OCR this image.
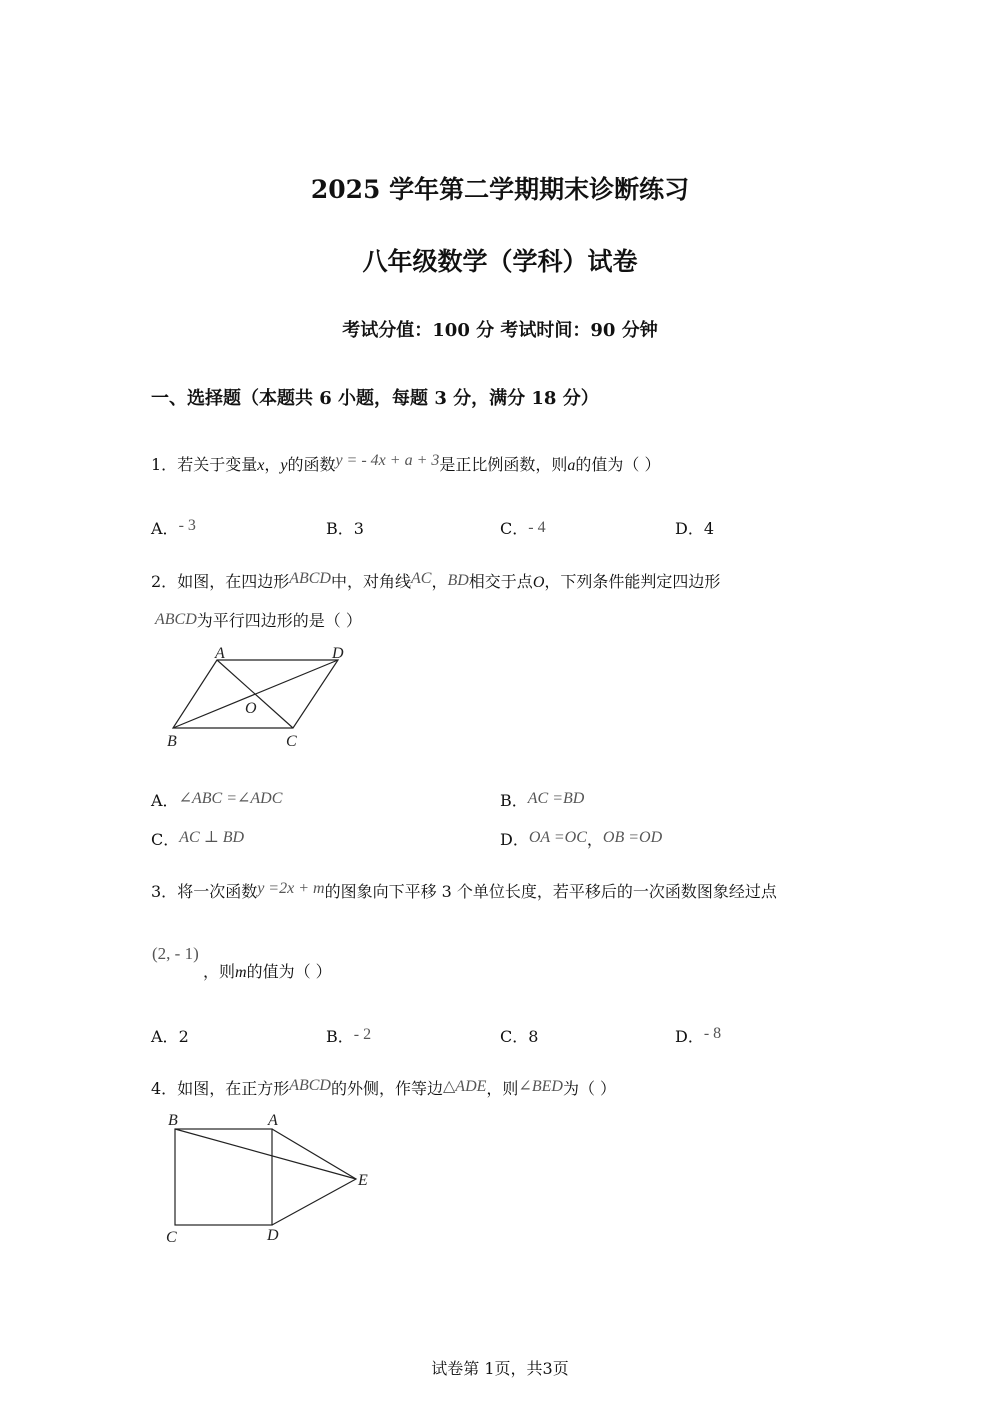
2025 学年第二学期期末诊断练习
八年级数学（学科）试卷
考试分值：100 分 考试时间：90 分钟
一、选择题（本题共 6 小题，每题 3 分，满分 18 分）
1．若关于变量x，y的函数y = - 4x + a + 3是正比例函数，则a的值为（ ）
A．- 3	B．3	C．- 4	D．4
2．如图，在四边形ABCD中，对角线AC，BD相交于点O，下列条件能判定四边形
ABCD为平行四边形的是（ ）
A	D
O
B	C
A．∠ABC =∠ADC	B．AC =BD
C．AC ⊥ BD	D．OA =OC，OB =OD
3．将一次函数y =2x + m的图象向下平移 3 个单位长度，若平移后的一次函数图象经过点
(2, - 1)
，则m的值为（ ）
A．2	B．- 2	C．8	D．- 8
4．如图，在正方形ABCD的外侧，作等边△ADE，则∠BED为（ ）
B	A
E
C	D
试卷第 1页，共3页
